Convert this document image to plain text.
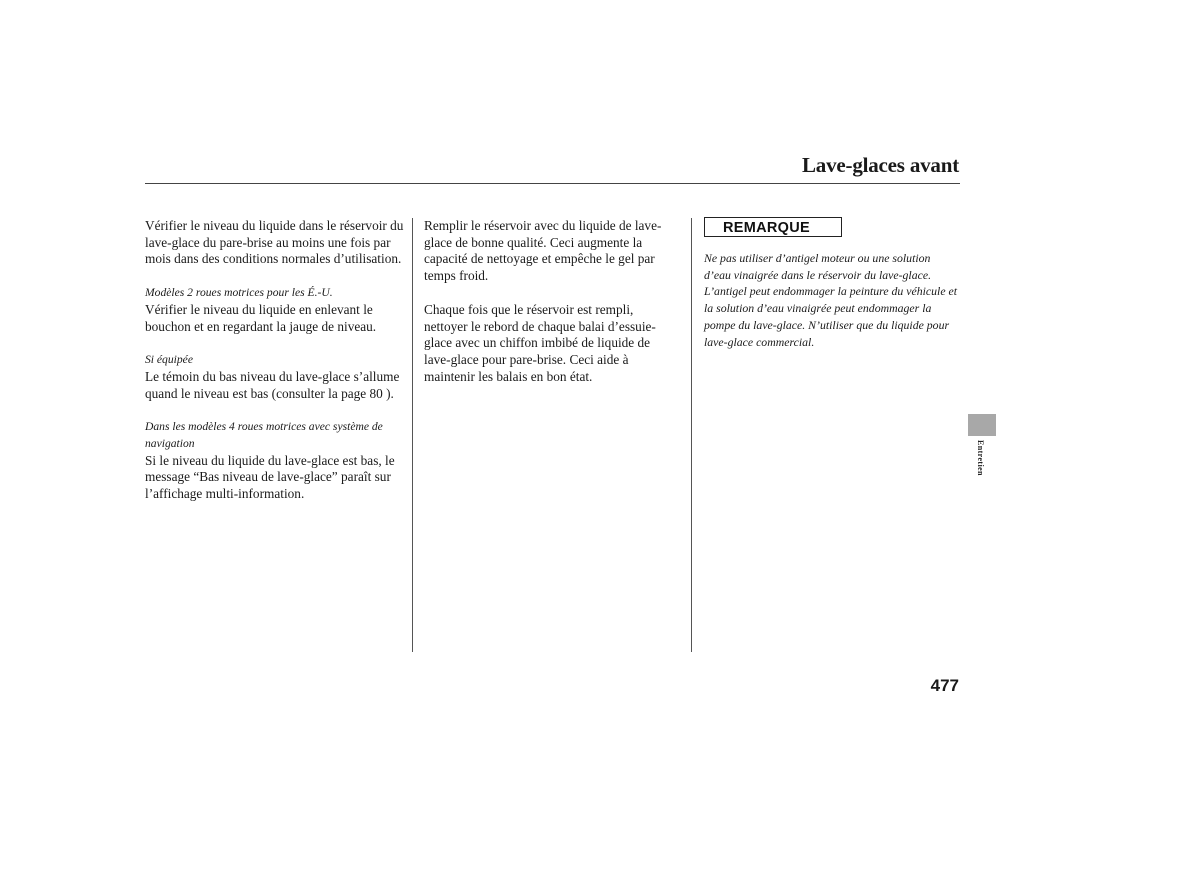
Lave-glaces avant

Vérifier le niveau du liquide dans le réservoir du lave-glace du pare-brise au moins une fois par mois dans des conditions normales d’utilisation.

Modèles 2 roues motrices pour les É.-U.

Vérifier le niveau du liquide en enlevant le bouchon et en regardant la jauge de niveau.

Si équipée

Le témoin du bas niveau du lave-glace s’allume quand le niveau est bas (consulter la page 80 ).

Dans les modèles 4 roues motrices avec système de navigation

Si le niveau du liquide du lave-glace est bas, le message “Bas niveau de lave-glace” paraît sur l’affichage multi-information.

Remplir le réservoir avec du liquide de lave-glace de bonne qualité. Ceci augmente la capacité de nettoyage et empêche le gel par temps froid.

Chaque fois que le réservoir est rempli, nettoyer le rebord de chaque balai d’essuie-glace avec un chiffon imbibé de liquide de lave-glace pour pare-brise. Ceci aide à maintenir les balais en bon état.

REMARQUE

Ne pas utiliser d’antigel moteur ou une solution d’eau vinaigrée dans le réservoir du lave-glace. L’antigel peut endommager la peinture du véhicule et la solution d’eau vinaigrée peut endommager la pompe du lave-glace. N’utiliser que du liquide pour lave-glace commercial.

Entretien

477
